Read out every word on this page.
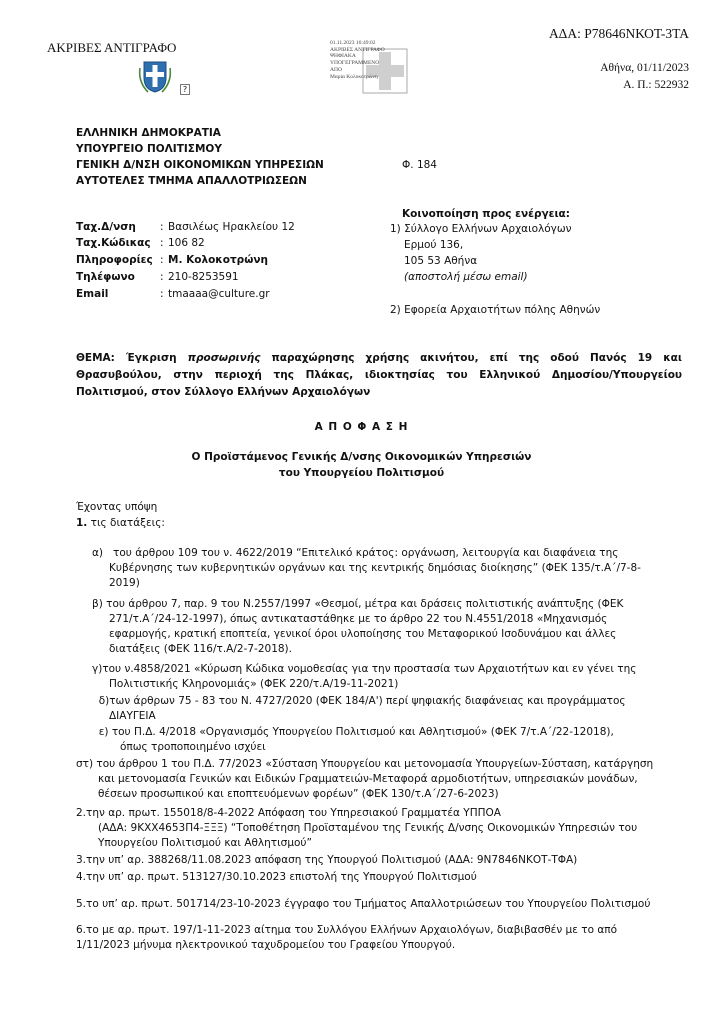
ΑΚΡΙΒΕΣ ΑΝΤΙΓΡΑΦΟ
?
01.11.2023 16:49:02
ΑΚΡΙΒΕΣ ΑΝΤΙΓΡΑΦΟ
ΨΗΦΙΑΚΑ
ΥΠΟΓΕΓΡΑΜΜΕΝΟ
ΑΠΟ
Μαρία Κολοκοτρώνη
ΑΔΑ: Ρ78646ΝΚΟΤ-3ΤΑ
Αθήνα, 01/11/2023
Α. Π.: 522932
ΕΛΛΗΝΙΚΗ ΔΗΜΟΚΡΑΤΙΑ
ΥΠΟΥΡΓΕΙΟ ΠΟΛΙΤΙΣΜΟΥ
ΓΕΝΙΚΗ Δ/ΝΣΗ ΟΙΚΟΝΟΜΙΚΩΝ ΥΠΗΡΕΣΙΩΝ
ΑΥΤΟΤΕΛΕΣ ΤΜΗΜΑ ΑΠΑΛΛΟΤΡΙΩΣΕΩΝ
Φ. 184
Ταχ.Δ/νση : Βασιλέως Ηρακλείου 12
Ταχ.Κώδικας : 106 82
Πληροφορίες : Μ. Κολοκοτρώνη
Τηλέφωνο : 210-8253591
Email	: tmaaaa@culture.gr
Κοινοποίηση προς ενέργεια:
1) Σύλλογο Ελλήνων Αρχαιολόγων
Ερμού 136,
105 53 Αθήνα
(αποστολή μέσω email)
2) Εφορεία Αρχαιοτήτων πόλης Αθηνών
ΘΕΜΑ: Έγκριση προσωρινής παραχώρησης χρήσης ακινήτου, επί της οδού Πανός 19 και Θρασυβούλου, στην περιοχή της Πλάκας, ιδιοκτησίας του Ελληνικού Δημοσίου/Υπουργείου Πολιτισμού, στον Σύλλογο Ελλήνων Αρχαιολόγων
Α Π Ο Φ Α Σ Η
Ο Προϊστάμενος Γενικής Δ/νσης Οικονομικών Υπηρεσιών
του Υπουργείου Πολιτισμού
Έχοντας υπόψη
1. τις διατάξεις:
α) του άρθρου 109 του ν. 4622/2019 “Επιτελικό κράτος: οργάνωση, λειτουργία και διαφάνεια της
Κυβέρνησης των κυβερνητικών οργάνων και της κεντρικής δημόσιας διοίκησης” (ΦΕΚ 135/τ.Α΄/7-8-
2019)
β) του άρθρου 7, παρ. 9 του Ν.2557/1997 «Θεσμοί, μέτρα και δράσεις πολιτιστικής ανάπτυξης (ΦΕΚ
271/τ.Α΄/24-12-1997), όπως αντικαταστάθηκε με το άρθρο 22 του Ν.4551/2018 «Μηχανισμός
εφαρμογής, κρατική εποπτεία, γενικοί όροι υλοποίησης του Μεταφορικού Ισοδυνάμου και άλλες
διατάξεις (ΦΕΚ 116/τ.Α/2-7-2018).
γ)του ν.4858/2021 «Κύρωση Κώδικα νομοθεσίας για την προστασία των Αρχαιοτήτων και εν γένει της
Πολιτιστικής Κληρονομιάς» (ΦΕΚ 220/τ.Α/19-11-2021)
δ)των άρθρων 75 - 83 του Ν. 4727/2020 (ΦΕΚ 184/Α') περί ψηφιακής διαφάνειας και προγράμματος
ΔΙΑΥΓΕΙΑ
ε) του Π.Δ. 4/2018 «Οργανισμός Υπουργείου Πολιτισμού και Αθλητισμού» (ΦΕΚ 7/τ.Α΄/22-12018),
όπως τροποποιημένο ισχύει
στ) του άρθρου 1 του Π.Δ. 77/2023 «Σύσταση Υπουργείου και μετονομασία Υπουργείων-Σύσταση, κατάργηση
και μετονομασία Γενικών και Ειδικών Γραμματειών-Μεταφορά αρμοδιοτήτων, υπηρεσιακών μονάδων,
θέσεων προσωπικού και εποπτευόμενων φορέων” (ΦΕΚ 130/τ.Α΄/27-6-2023)
2.την αρ. πρωτ. 155018/8-4-2022 Απόφαση του Υπηρεσιακού Γραμματέα ΥΠΠΟΑ
(ΑΔΑ: 9ΚΧΧ4653Π4-ΞΞΞ) “Τοποθέτηση Προϊσταμένου της Γενικής Δ/νσης Οικονομικών Υπηρεσιών του
Υπουργείου Πολιτισμού και Αθλητισμού”
3.την υπ’ αρ. 388268/11.08.2023 απόφαση της Υπουργού Πολιτισμού (ΑΔΑ: 9Ν7846ΝΚΟΤ-ΤΦΑ)
4.την υπ’ αρ. πρωτ. 513127/30.10.2023 επιστολή της Υπουργού Πολιτισμού
5.το υπ’ αρ. πρωτ. 501714/23-10-2023 έγγραφο του Τμήματος Απαλλοτριώσεων του Υπουργείου Πολιτισμού
6.το με αρ. πρωτ. 197/1-11-2023 αίτημα του Συλλόγου Ελλήνων Αρχαιολόγων, διαβιβασθέν με το από
1/11/2023 μήνυμα ηλεκτρονικού ταχυδρομείου του Γραφείου Υπουργού.
